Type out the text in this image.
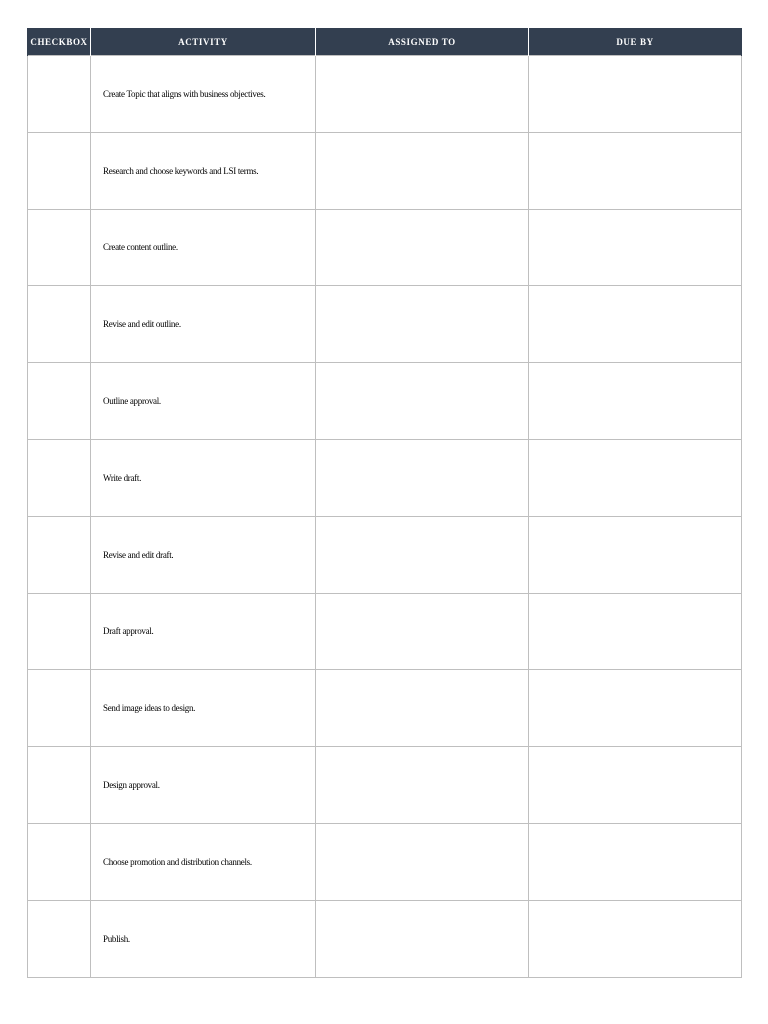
CHECKBOX	ACTIVITY	ASSIGNED TO	DUE BY
	Create Topic that aligns with business objectives.		
	Research and choose keywords and LSI terms.		
	Create content outline.		
	Revise and edit outline.		
	Outline approval.		
	Write draft.		
	Revise and edit draft.		
	Draft approval.		
	Send image ideas to design.		
	Design approval.		
	Choose promotion and distribution channels.		
	Publish.		
